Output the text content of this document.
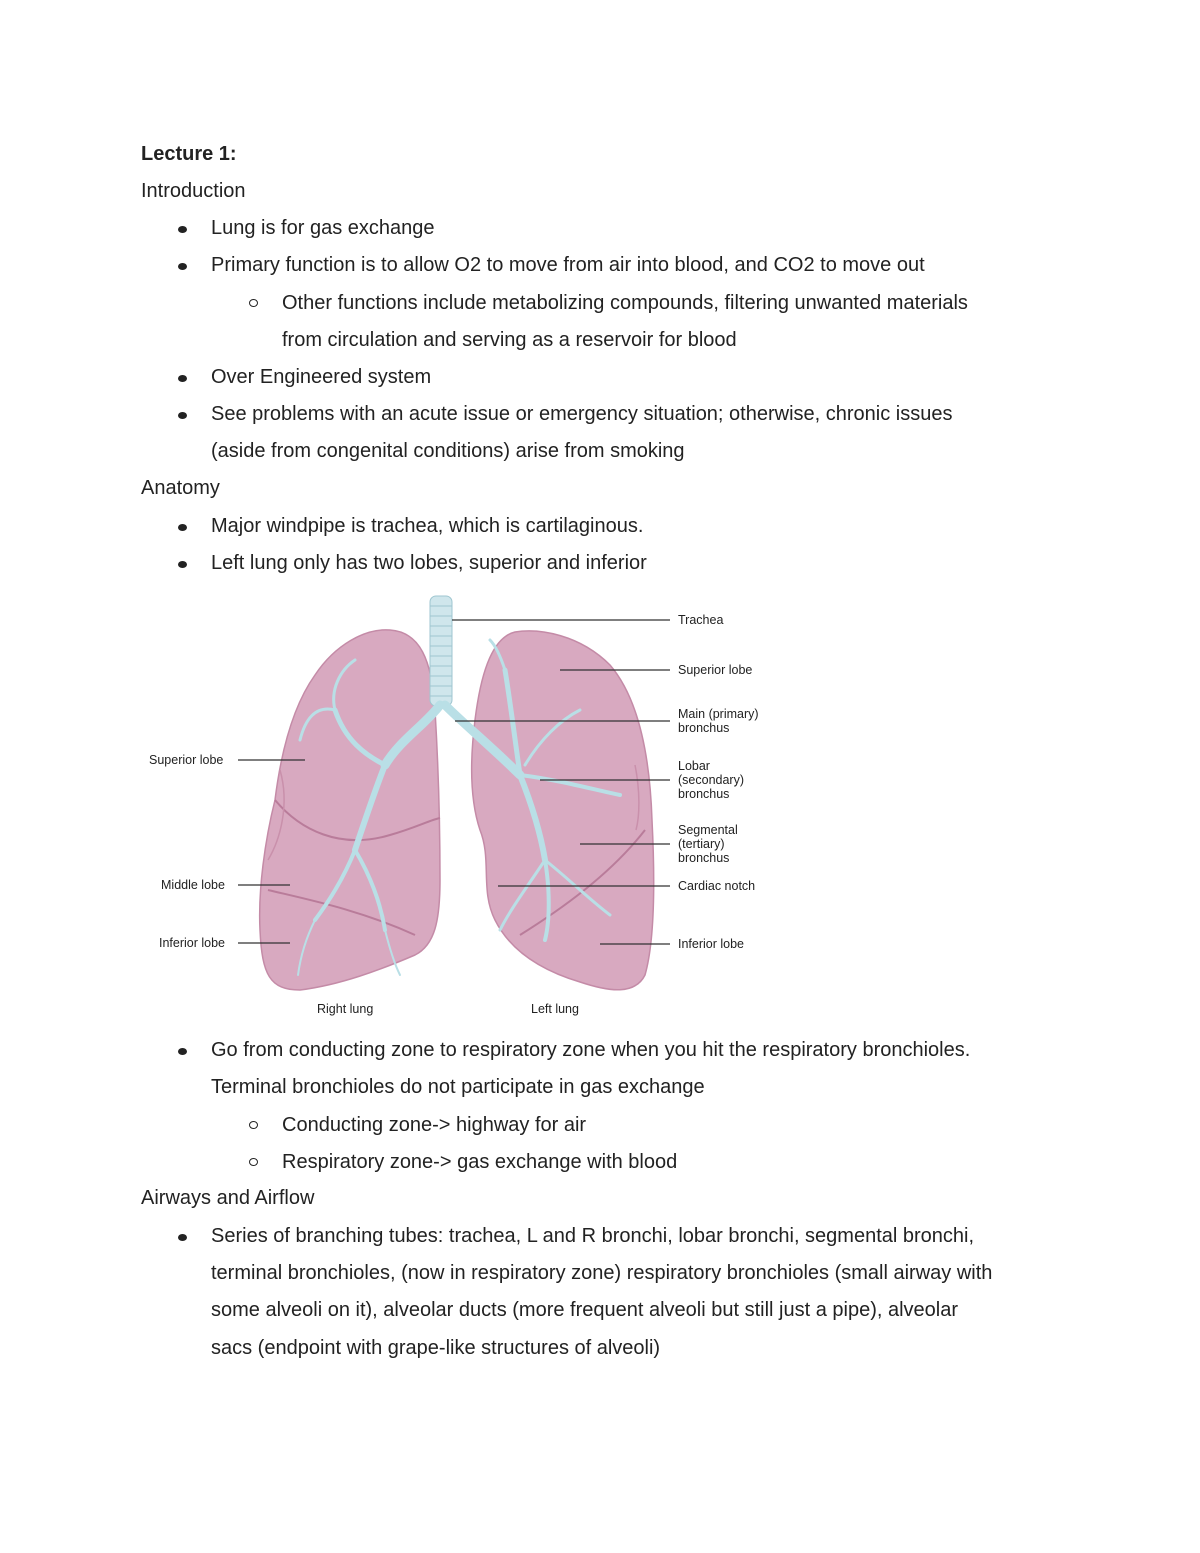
Lecture 1:
Introduction
Lung is for gas exchange
Primary function is to allow O2 to move from air into blood, and CO2 to move out
Other functions include metabolizing compounds, filtering unwanted materials
from circulation and serving as a reservoir for blood
Over Engineered system
See problems with an acute issue or emergency situation; otherwise, chronic issues
(aside from congenital conditions) arise from smoking
Anatomy
Major windpipe is trachea, which is cartilaginous.
Left lung only has two lobes, superior and inferior
Trachea
Superior lobe
Main (primary)
bronchus
Lobar
(secondary)
bronchus
Segmental
(tertiary)
bronchus
Cardiac notch
Inferior lobe
Superior lobe
Middle lobe
Inferior lobe
Right lung	Left lung
Go from conducting zone to respiratory zone when you hit the respiratory bronchioles.
Terminal bronchioles do not participate in gas exchange
Conducting zone-> highway for air
Respiratory zone-> gas exchange with blood
Airways and Airflow
Series of branching tubes: trachea, L and R bronchi, lobar bronchi, segmental bronchi,
terminal bronchioles, (now in respiratory zone) respiratory bronchioles (small airway with
some alveoli on it), alveolar ducts (more frequent alveoli but still just a pipe), alveolar
sacs (endpoint with grape-like structures of alveoli)
